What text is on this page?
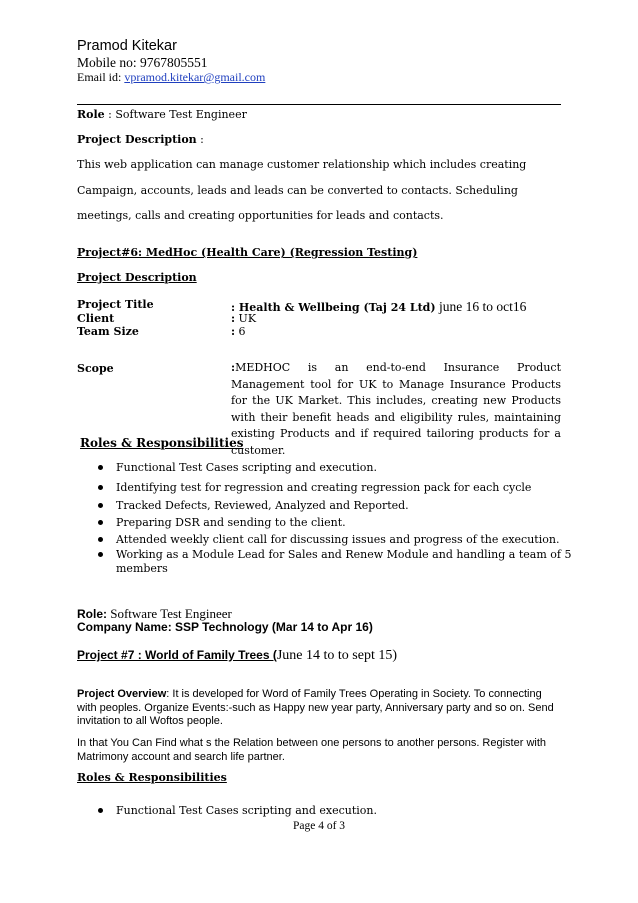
Pramod Kitekar
Mobile no: 9767805551
Email id: vpramod.kitekar@gmail.com
Role : Software Test Engineer
Project Description :
This web application can manage customer relationship which includes creating
Campaign, accounts, leads and leads can be converted to contacts. Scheduling
meetings, calls and creating opportunities for leads and contacts.
Project#6: MedHoc (Health Care) (Regression Testing)
Project Description
Project Title	: Health & Wellbeing (Taj 24 Ltd) june 16 to oct16
Client	: UK
Team Size	: 6
Scope	:MEDHOC is an end-to-end Insurance Product Management tool for UK to Manage Insurance Products for the UK Market. This includes, creating new Products with their benefit heads and eligibility rules, maintaining existing Products and if required tailoring products for a customer.
Roles & Responsibilities
Functional Test Cases scripting and execution.
Identifying test for regression and creating regression pack for each cycle
Tracked Defects, Reviewed, Analyzed and Reported.
Preparing DSR and sending to the client.
Attended weekly client call for discussing issues and progress of the execution.
Working as a Module Lead for Sales and Renew Module and handling a team of 5
members
Role: Software Test Engineer
Company Name: SSP Technology (Mar 14 to Apr 16)
Project #7 : World of Family Trees (June 14 to to sept 15)
Project Overview: It is developed for Word of Family Trees Operating in Society. To connecting
with peoples. Organize Events:-such as Happy new year party, Anniversary party and so on. Send
invitation to all Woftos people.
In that You Can Find what s the Relation between one persons to another persons. Register with
Matrimony account and search life partner.
Roles & Responsibilities
Functional Test Cases scripting and execution.
Page 4 of 3
